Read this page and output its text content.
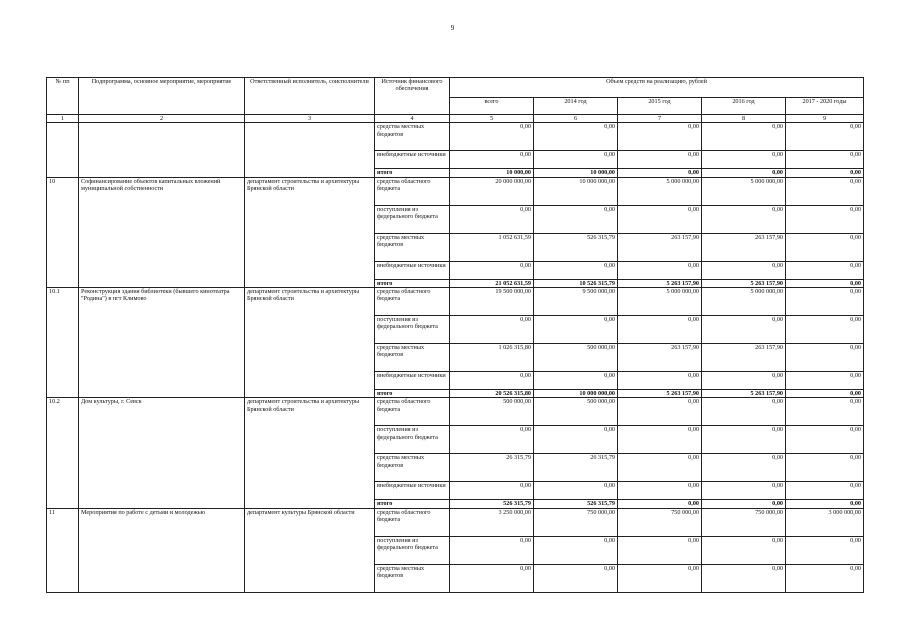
9
№ пп	Подпрограмма, основное мероприятие, мероприятие	Ответственный исполнитель, соисполнители	Источник финансового обеспечения	Объем средств на реализацию, рублей				
				всего	2014 год	2015 год	2016 год	2017 - 2020 годы
1	2	3	4	5	6	7	8	9
			средства местных бюджетов	0,00	0,00	0,00	0,00	0,00
			внебюджетные источники	0,00	0,00	0,00	0,00	0,00
			итого	10 000,00	10 000,00	0,00	0,00	0,00
10	Софинансирование объектов капитальных вложений муниципальной собственности	департамент строительства и архитектуры Брянской области	средства областного бюджета	20 000 000,00	10 000 000,00	5 000 000,00	5 000 000,00	0,00
			поступления из федерального бюджета	0,00	0,00	0,00	0,00	0,00
			средства местных бюджетов	1 052 631,59	526 315,79	263 157,90	263 157,90	0,00
			внебюджетные источники	0,00	0,00	0,00	0,00	0,00
			итого	21 052 631,59	10 526 315,79	5 263 157,90	5 263 157,90	0,00
10.1	Реконструкция здания библиотеки (бывшего кинотеатра "Родина") в пгт Климово	департамент строительства и архитектуры Брянской области	средства областного бюджета	19 500 000,00	9 500 000,00	5 000 000,00	5 000 000,00	0,00
			поступления из федерального бюджета	0,00	0,00	0,00	0,00	0,00
			средства местных бюджетов	1 026 315,80	500 000,00	263 157,90	263 157,90	0,00
			внебюджетные источники	0,00	0,00	0,00	0,00	0,00
			итого	20 526 315,80	10 000 000,00	5 263 157,90	5 263 157,90	0,00
10.2	Дом культуры, г. Севск	департамент строительства и архитектуры Брянской области	средства областного бюджета	500 000,00	500 000,00	0,00	0,00	0,00
			поступления из федерального бюджета	0,00	0,00	0,00	0,00	0,00
			средства местных бюджетов	26 315,79	26 315,79	0,00	0,00	0,00
			внебюджетные источники	0,00	0,00	0,00	0,00	0,00
			итого	526 315,79	526 315,79	0,00	0,00	0,00
11	Мероприятия по работе с детьми и молодежью	департамент культуры Брянской области	средства областного бюджета	3 250 000,00	750 000,00	750 000,00	750 000,00	3 000 000,00
			поступления из федерального бюджета	0,00	0,00	0,00	0,00	0,00
			средства местных бюджетов	0,00	0,00	0,00	0,00	0,00
